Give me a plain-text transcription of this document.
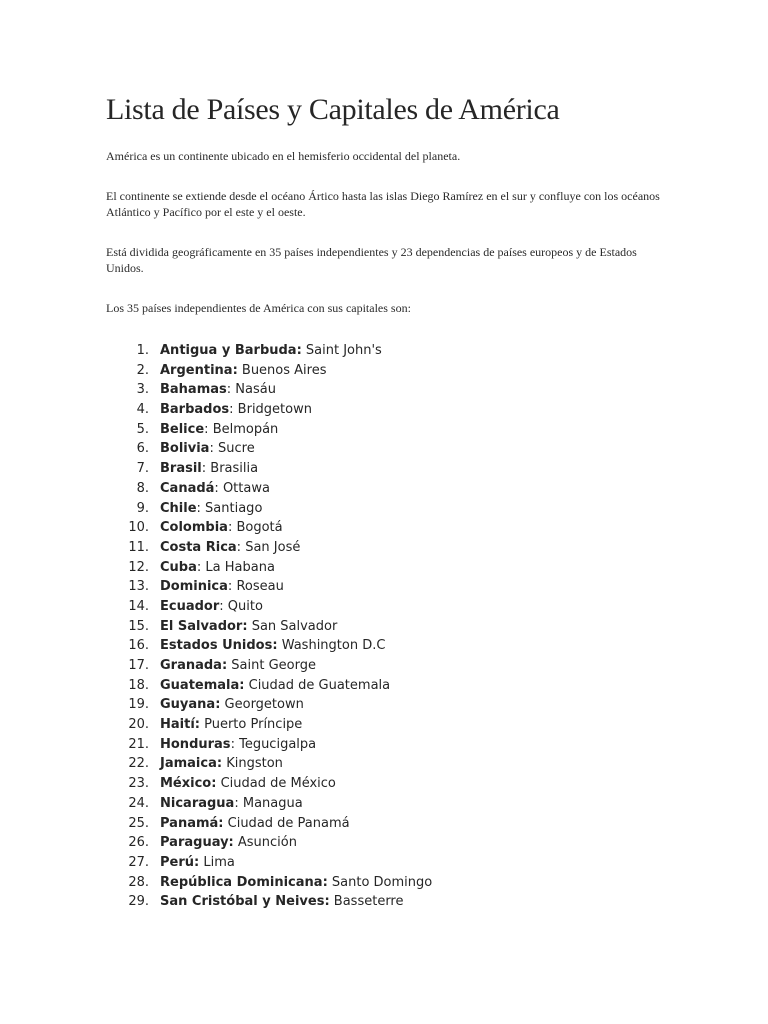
Lista de Países y Capitales de América

América es un continente ubicado en el hemisferio occidental del planeta.

El continente se extiende desde el océano Ártico hasta las islas Diego Ramírez en el sur y confluye con los océanos Atlántico y Pacífico por el este y el oeste.

Está dividida geográficamente en 35 países independientes y 23 dependencias de países europeos y de Estados Unidos.

Los 35 países independientes de América con sus capitales son:

1. Antigua y Barbuda: Saint John's
2. Argentina: Buenos Aires
3. Bahamas: Nasáu
4. Barbados: Bridgetown
5. Belice: Belmopán
6. Bolivia: Sucre
7. Brasil: Brasilia
8. Canadá: Ottawa
9. Chile: Santiago
10. Colombia: Bogotá
11. Costa Rica: San José
12. Cuba: La Habana
13. Dominica: Roseau
14. Ecuador: Quito
15. El Salvador: San Salvador
16. Estados Unidos: Washington D.C
17. Granada: Saint George
18. Guatemala: Ciudad de Guatemala
19. Guyana: Georgetown
20. Haití: Puerto Príncipe
21. Honduras: Tegucigalpa
22. Jamaica: Kingston
23. México: Ciudad de México
24. Nicaragua: Managua
25. Panamá: Ciudad de Panamá
26. Paraguay: Asunción
27. Perú: Lima
28. República Dominicana: Santo Domingo
29. San Cristóbal y Neives: Basseterre
